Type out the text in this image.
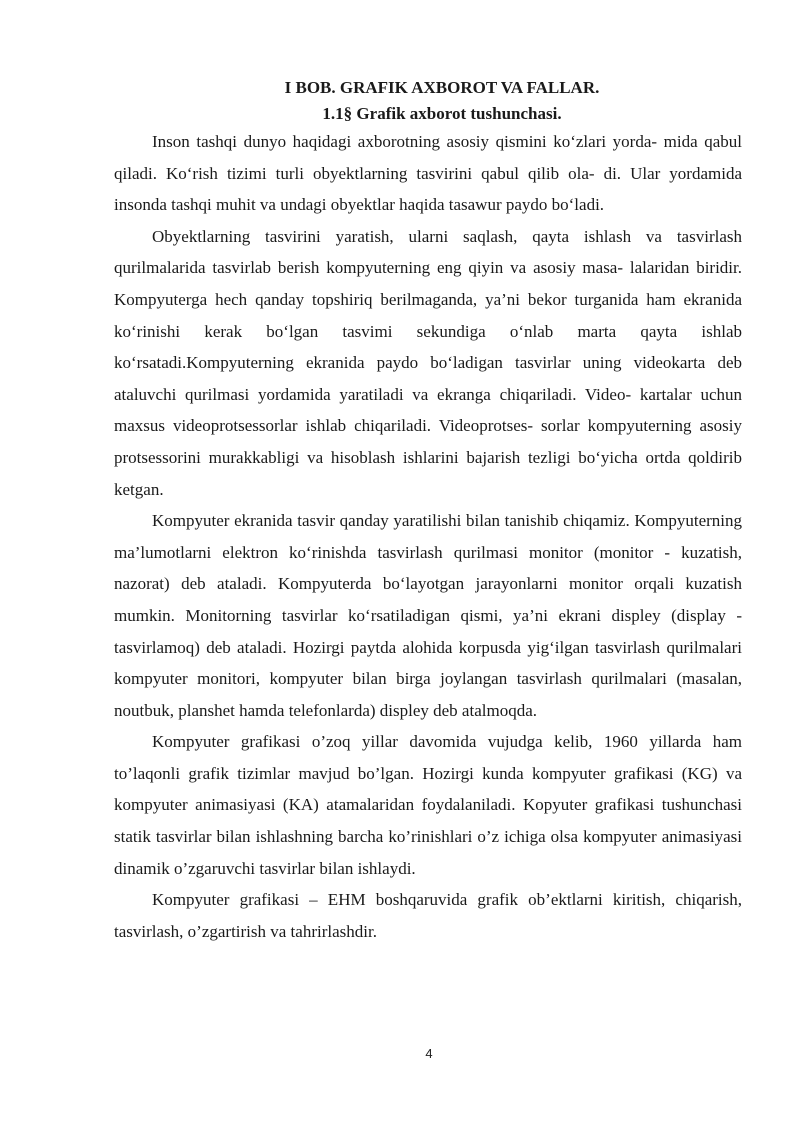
I BOB. GRAFIK AXBOROT VA FALLAR.
1.1§ Grafik axborot tushunchasi.

Inson tashqi dunyo haqidagi axborotning asosiy qismini ko‘zlari yorda- mida qabul qiladi. Ko‘rish tizimi turli obyektlarning tasvirini qabul qilib ola- di. Ular yordamida insonda tashqi muhit va undagi obyektlar haqida tasawur paydo bo‘ladi.

Obyektlarning tasvirini yaratish, ularni saqlash, qayta ishlash va tasvirlash qurilmalarida tasvirlab berish kompyuterning eng qiyin va asosiy masa- lalaridan biridir. Kompyuterga hech qanday topshiriq berilmaganda, ya’ni bekor turganida ham ekranida ko‘rinishi kerak bo‘lgan tasvimi sekundiga o‘nlab marta qayta ishlab ko‘rsatadi.Kompyuterning ekranida paydo bo‘ladigan tasvirlar uning videokarta deb ataluvchi qurilmasi yordamida yaratiladi va ekranga chiqariladi. Video- kartalar uchun maxsus videoprotsessorlar ishlab chiqariladi. Videoprotses- sorlar kompyuterning asosiy protsessorini murakkabligi va hisoblash ishlarini bajarish tezligi bo‘yicha ortda qoldirib ketgan.

Kompyuter ekranida tasvir qanday yaratilishi bilan tanishib chiqamiz. Kompyuterning ma’lumotlarni elektron ko‘rinishda tasvirlash qurilmasi monitor (monitor - kuzatish, nazorat) deb ataladi. Kompyuterda bo‘layotgan jarayonlarni monitor orqali kuzatish mumkin. Monitorning tasvirlar ko‘rsatiladigan qismi, ya’ni ekrani displey (display - tasvirlamoq) deb ataladi. Hozirgi paytda alohida korpusda yig‘ilgan tasvirlash qurilmalari kompyuter monitori, kompyuter bilan birga joylangan tasvirlash qurilmalari (masalan, noutbuk, planshet hamda telefonlarda) displey deb atalmoqda.

Kompyuter grafikasi o’zoq yillar davomida vujudga kelib, 1960 yillarda ham to’laqonli grafik tizimlar mavjud bo’lgan. Hozirgi kunda kompyuter grafikasi (KG) va kompyuter animasiyasi (KA) atamalaridan foydalaniladi. Kopyuter grafikasi tushunchasi statik tasvirlar bilan ishlashning barcha ko’rinishlari o’z ichiga olsa kompyuter animasiyasi dinamik o’zgaruvchi tasvirlar bilan ishlaydi.

Kompyuter grafikasi – EHM boshqaruvida grafik ob’ektlarni kiritish, chiqarish, tasvirlash, o’zgartirish va tahrirlashdir.

4
